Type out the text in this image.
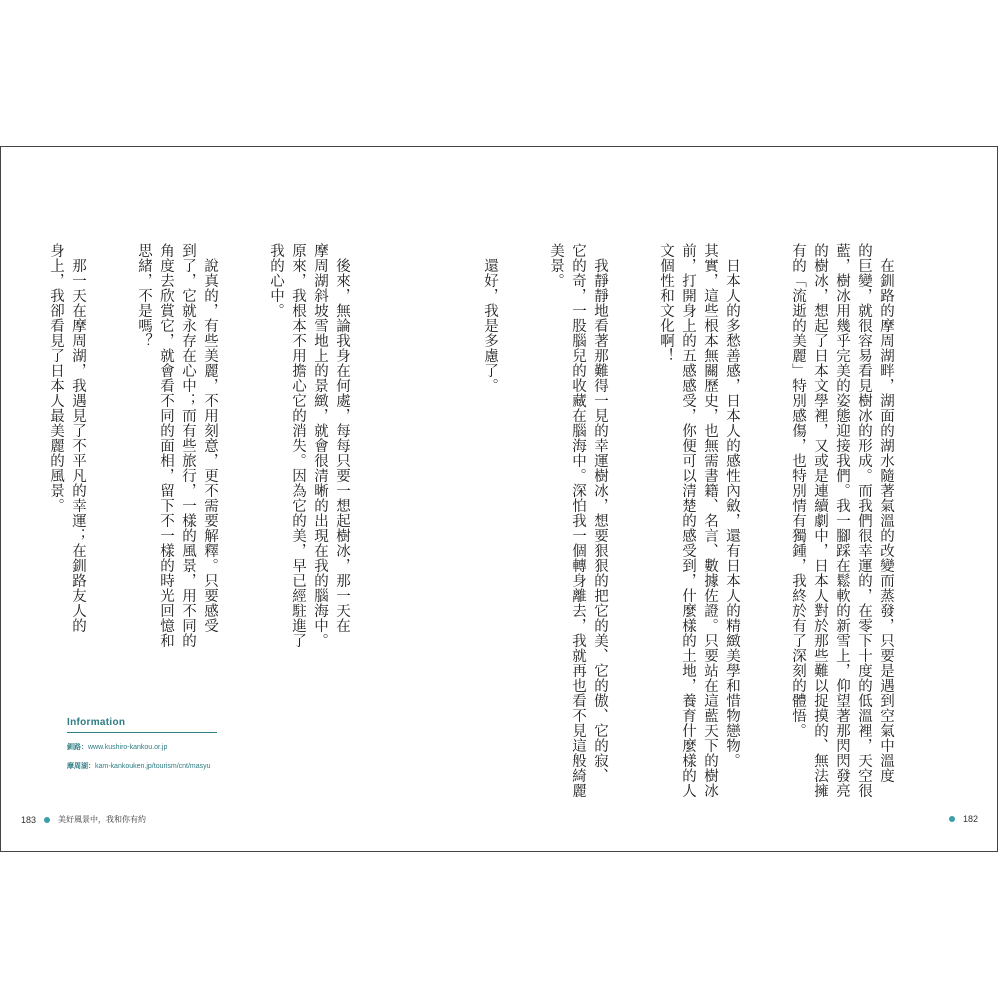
　在釧路的摩周湖畔，湖面的湖水隨著氣溫的改變而蒸發，只要是遇到空氣中溫度
的巨變，就很容易看見樹冰的形成。而我們很幸運的，在零下十度的低溫裡，天空很
藍，樹冰用幾乎完美的姿態迎接我們。我一腳踩在鬆軟的新雪上，仰望著那閃閃發亮
的樹冰，想起了日本文學裡，又或是連續劇中，日本人對於那些難以捉摸的、無法擁
有的「流逝的美麗」特別感傷，也特別情有獨鍾，我終於有了深刻的體悟。

　日本人的多愁善感，日本人的感性內斂，還有日本人的精緻美學和惜物戀物。
其實，這些根本無關歷史，也無需書籍、名言、數據佐證。只要站在這藍天下的樹冰
前，打開身上的五感感受，你便可以清楚的感受到，什麼樣的土地，養育什麼樣的人
文個性和文化啊！

　我靜靜地看著那難得一見的幸運樹冰，想要狠狠的把它的美、它的傲、它的寂、
它的奇，一股腦兒的收藏在腦海中。深怕我一個轉身離去，我就再也看不見這般綺麗
美景。

　還好，我是多慮了。

　後來，無論我身在何處，每每只要一想起樹冰，那一天在
摩周湖斜坡雪地上的景緻，就會很清晰的出現在我的腦海中。
原來，我根本不用擔心它的消失。因為它的美，早已經駐進了
我的心中。

　說真的，有些美麗，不用刻意，更不需要解釋。只要感受
到了，它就永存在心中；而有些旅行，一樣的風景，用不同的
角度去欣賞它，就會看不同的面相，留下不一樣的時光回憶和
思緒，不是嗎？

　那一天在摩周湖，我遇見了不平凡的幸運；在釧路友人的
身上，我卻看見了日本人最美麗的風景。

Information
釧路：www.kushiro-kankou.or.jp
摩周湖：kam-kankouken.jp/tourism/cnt/masyu
183	美好風景中，我和你有約	182
